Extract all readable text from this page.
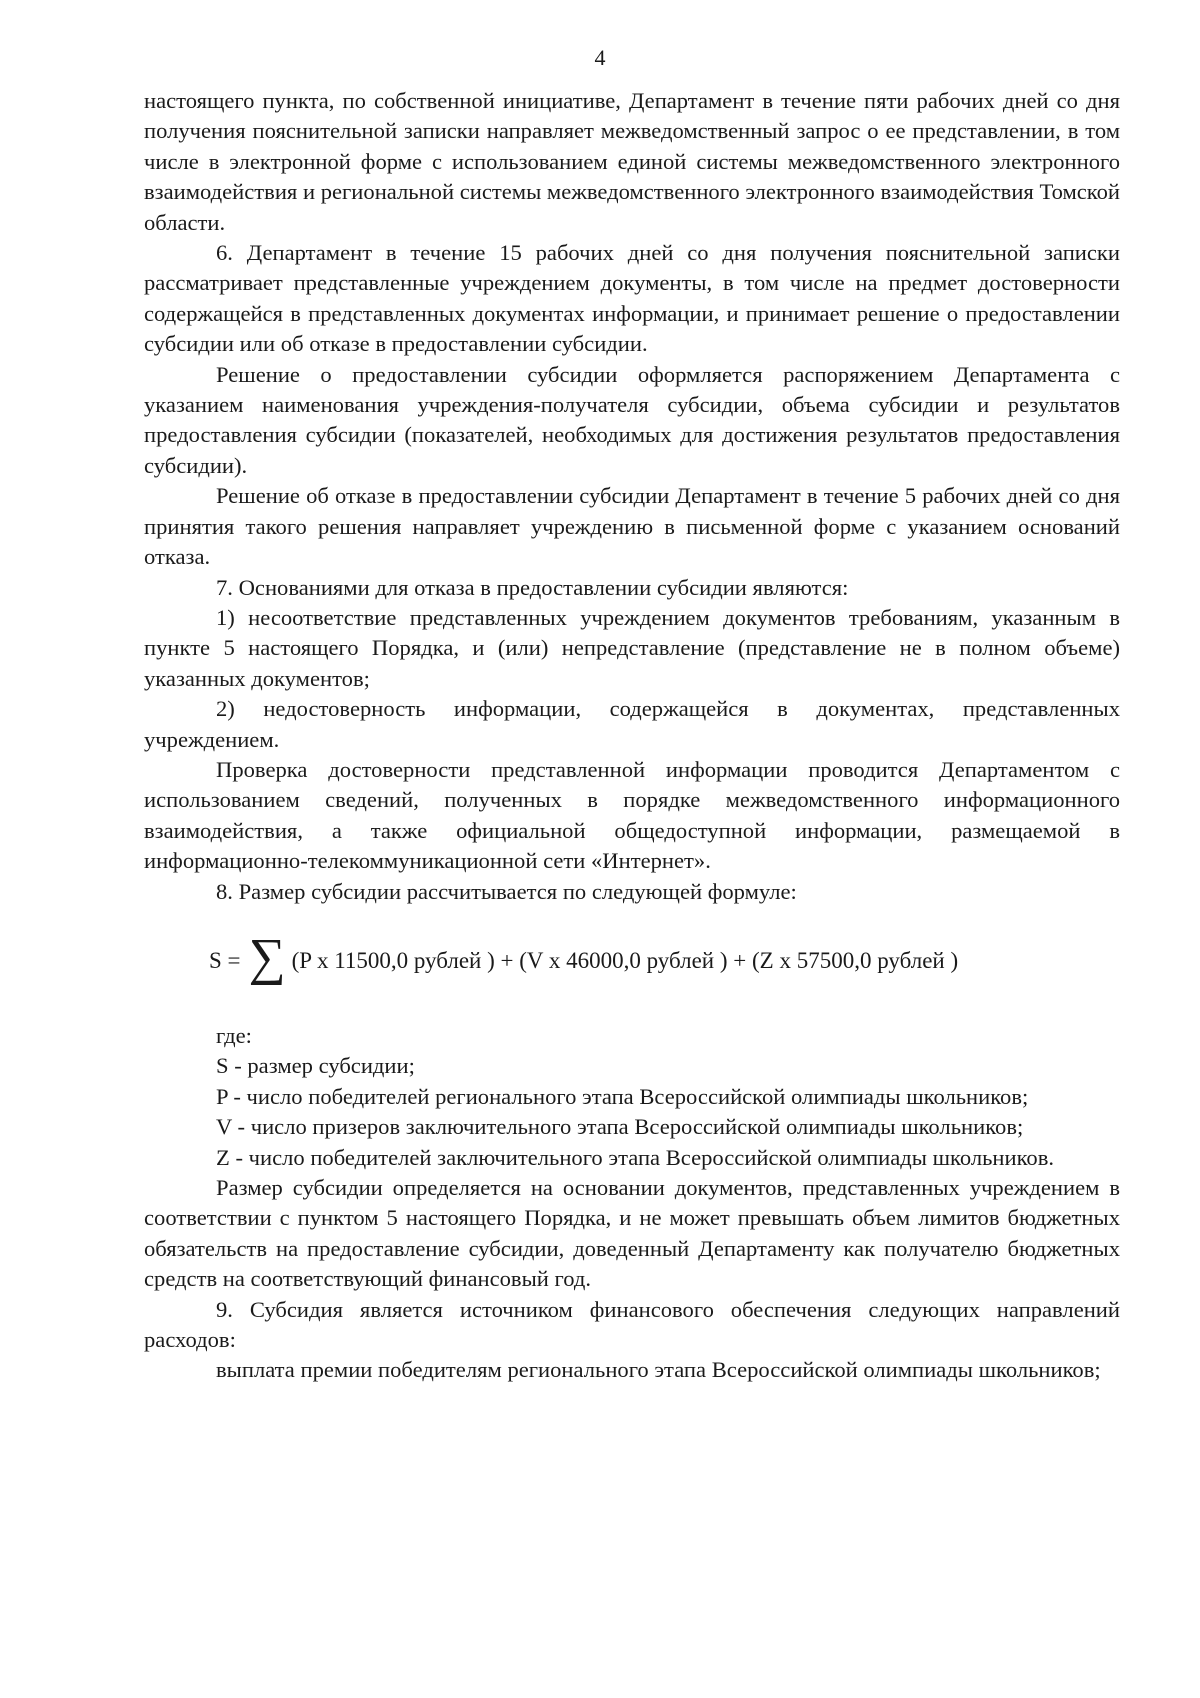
4

настоящего пункта, по собственной инициативе, Департамент в течение пяти рабочих дней со дня получения пояснительной записки направляет межведомственный запрос о ее представлении, в том числе в электронной форме с использованием единой системы межведомственного электронного взаимодействия и региональной системы межведомственного электронного взаимодействия Томской области.

6. Департамент в течение 15 рабочих дней со дня получения пояснительной записки рассматривает представленные учреждением документы, в том числе на предмет достоверности содержащейся в представленных документах информации, и принимает решение о предоставлении субсидии или об отказе в предоставлении субсидии.

Решение о предоставлении субсидии оформляется распоряжением Департамента с указанием наименования учреждения-получателя субсидии, объема субсидии и результатов предоставления субсидии (показателей, необходимых для достижения результатов предоставления субсидии).

Решение об отказе в предоставлении субсидии Департамент в течение 5 рабочих дней со дня принятия такого решения направляет учреждению в письменной форме с указанием оснований отказа.

7. Основаниями для отказа в предоставлении субсидии являются:

1) несоответствие представленных учреждением документов требованиям, указанным в пункте 5 настоящего Порядка, и (или) непредставление (представление не в полном объеме) указанных документов;

2) недостоверность информации, содержащейся в документах, представленных учреждением.

Проверка достоверности представленной информации проводится Департаментом с использованием сведений, полученных в порядке межведомственного информационного взаимодействия, а также официальной общедоступной информации, размещаемой в информационно-телекоммуникационной сети «Интернет».

8. Размер субсидии рассчитывается по следующей формуле:

S = ∑ (P x 11500,0 рублей ) + (V x 46000,0 рублей ) + (Z x 57500,0 рублей )

где:

S - размер субсидии;

P - число победителей регионального этапа Всероссийской олимпиады школьников;

V - число призеров заключительного этапа Всероссийской олимпиады школьников;

Z - число победителей заключительного этапа Всероссийской олимпиады школьников.

Размер субсидии определяется на основании документов, представленных учреждением в соответствии с пунктом 5 настоящего Порядка, и не может превышать объем лимитов бюджетных обязательств на предоставление субсидии, доведенный Департаменту как получателю бюджетных средств на соответствующий финансовый год.

9. Субсидия является источником финансового обеспечения следующих направлений расходов:

выплата премии победителям регионального этапа Всероссийской олимпиады школьников;
